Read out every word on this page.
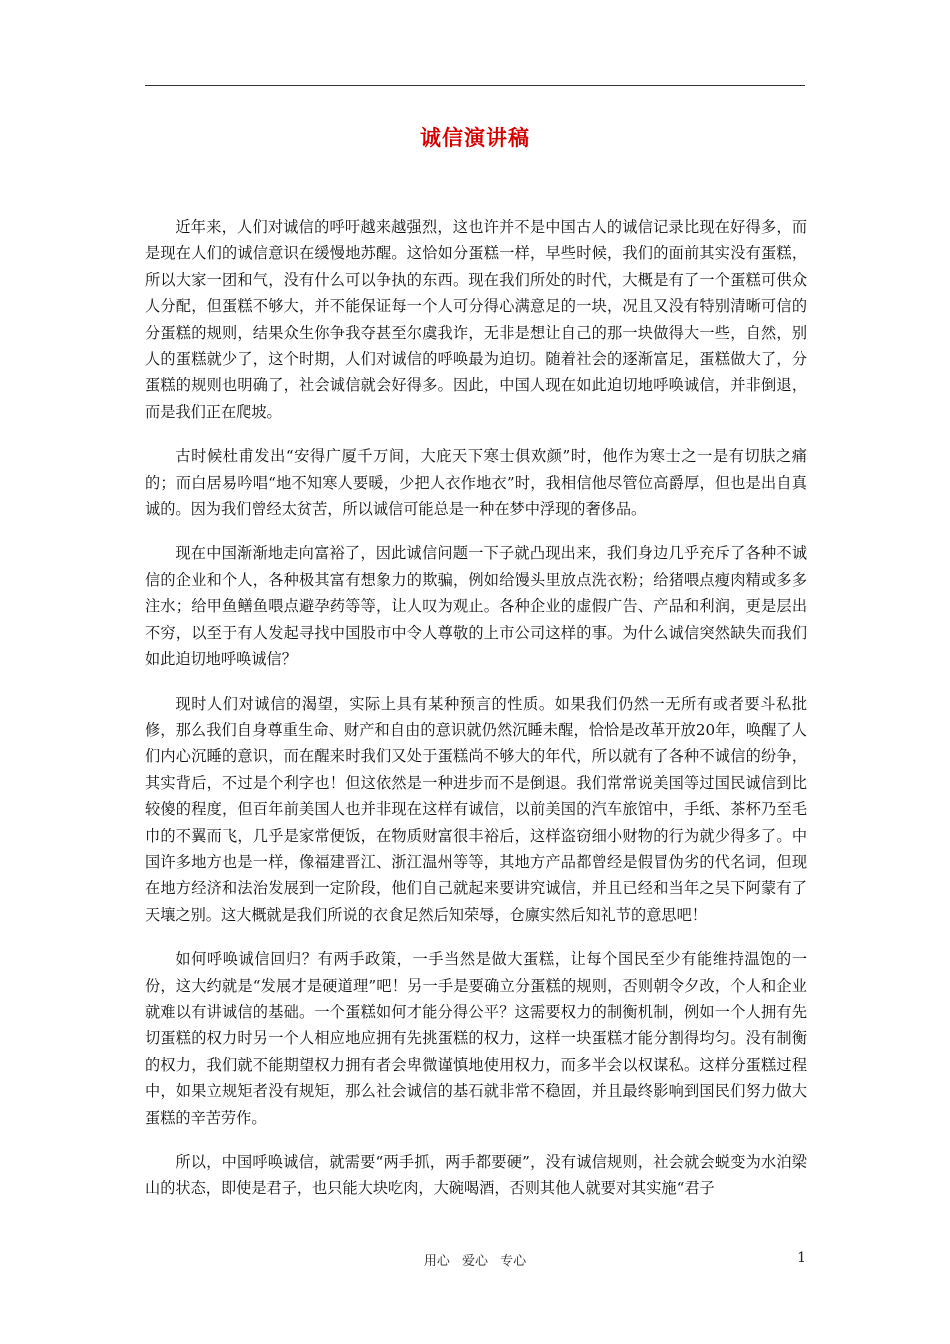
诚信演讲稿

近年来，人们对诚信的呼吁越来越强烈，这也许并不是中国古人的诚信记录比现在好得多，而是现在人们的诚信意识在缓慢地苏醒。这恰如分蛋糕一样，早些时候，我们的面前其实没有蛋糕，所以大家一团和气，没有什么可以争执的东西。现在我们所处的时代，大概是有了一个蛋糕可供众人分配，但蛋糕不够大，并不能保证每一个人可分得心满意足的一块，况且又没有特别清晰可信的分蛋糕的规则，结果众生你争我夺甚至尔虞我诈，无非是想让自己的那一块做得大一些，自然，别人的蛋糕就少了，这个时期，人们对诚信的呼唤最为迫切。随着社会的逐渐富足，蛋糕做大了，分蛋糕的规则也明确了，社会诚信就会好得多。因此，中国人现在如此迫切地呼唤诚信，并非倒退，而是我们正在爬坡。

古时候杜甫发出“安得广厦千万间，大庇天下寒士俱欢颜”时，他作为寒士之一是有切肤之痛的；而白居易吟唱“地不知寒人要暖，少把人衣作地衣”时，我相信他尽管位高爵厚，但也是出自真诚的。因为我们曾经太贫苦，所以诚信可能总是一种在梦中浮现的奢侈品。

现在中国渐渐地走向富裕了，因此诚信问题一下子就凸现出来，我们身边几乎充斥了各种不诚信的企业和个人，各种极其富有想象力的欺骗，例如给馒头里放点洗衣粉；给猪喂点瘦肉精或多多注水；给甲鱼鳝鱼喂点避孕药等等，让人叹为观止。各种企业的虚假广告、产品和利润，更是层出不穷，以至于有人发起寻找中国股市中令人尊敬的上市公司这样的事。为什么诚信突然缺失而我们如此迫切地呼唤诚信？

现时人们对诚信的渴望，实际上具有某种预言的性质。如果我们仍然一无所有或者要斗私批修，那么我们自身尊重生命、财产和自由的意识就仍然沉睡未醒，恰恰是改革开放20年，唤醒了人们内心沉睡的意识，而在醒来时我们又处于蛋糕尚不够大的年代，所以就有了各种不诚信的纷争，其实背后，不过是个利字也！但这依然是一种进步而不是倒退。我们常常说美国等过国民诚信到比较傻的程度，但百年前美国人也并非现在这样有诚信，以前美国的汽车旅馆中，手纸、茶杯乃至毛巾的不翼而飞，几乎是家常便饭，在物质财富很丰裕后，这样盗窃细小财物的行为就少得多了。中国许多地方也是一样，像福建晋江、浙江温州等等，其地方产品都曾经是假冒伪劣的代名词，但现在地方经济和法治发展到一定阶段，他们自己就起来要讲究诚信，并且已经和当年之吴下阿蒙有了天壤之别。这大概就是我们所说的衣食足然后知荣辱，仓廪实然后知礼节的意思吧！

如何呼唤诚信回归？有两手政策，一手当然是做大蛋糕，让每个国民至少有能维持温饱的一份，这大约就是“发展才是硬道理”吧！另一手是要确立分蛋糕的规则，否则朝令夕改，个人和企业就难以有讲诚信的基础。一个蛋糕如何才能分得公平？这需要权力的制衡机制，例如一个人拥有先切蛋糕的权力时另一个人相应地应拥有先挑蛋糕的权力，这样一块蛋糕才能分割得均匀。没有制衡的权力，我们就不能期望权力拥有者会卑微谨慎地使用权力，而多半会以权谋私。这样分蛋糕过程中，如果立规矩者没有规矩，那么社会诚信的基石就非常不稳固，并且最终影响到国民们努力做大蛋糕的辛苦劳作。

所以，中国呼唤诚信，就需要“两手抓，两手都要硬”，没有诚信规则，社会就会蜕变为水泊梁山的状态，即使是君子，也只能大块吃肉，大碗喝酒，否则其他人就要对其实施“君子

用心 爱心 专心	1
